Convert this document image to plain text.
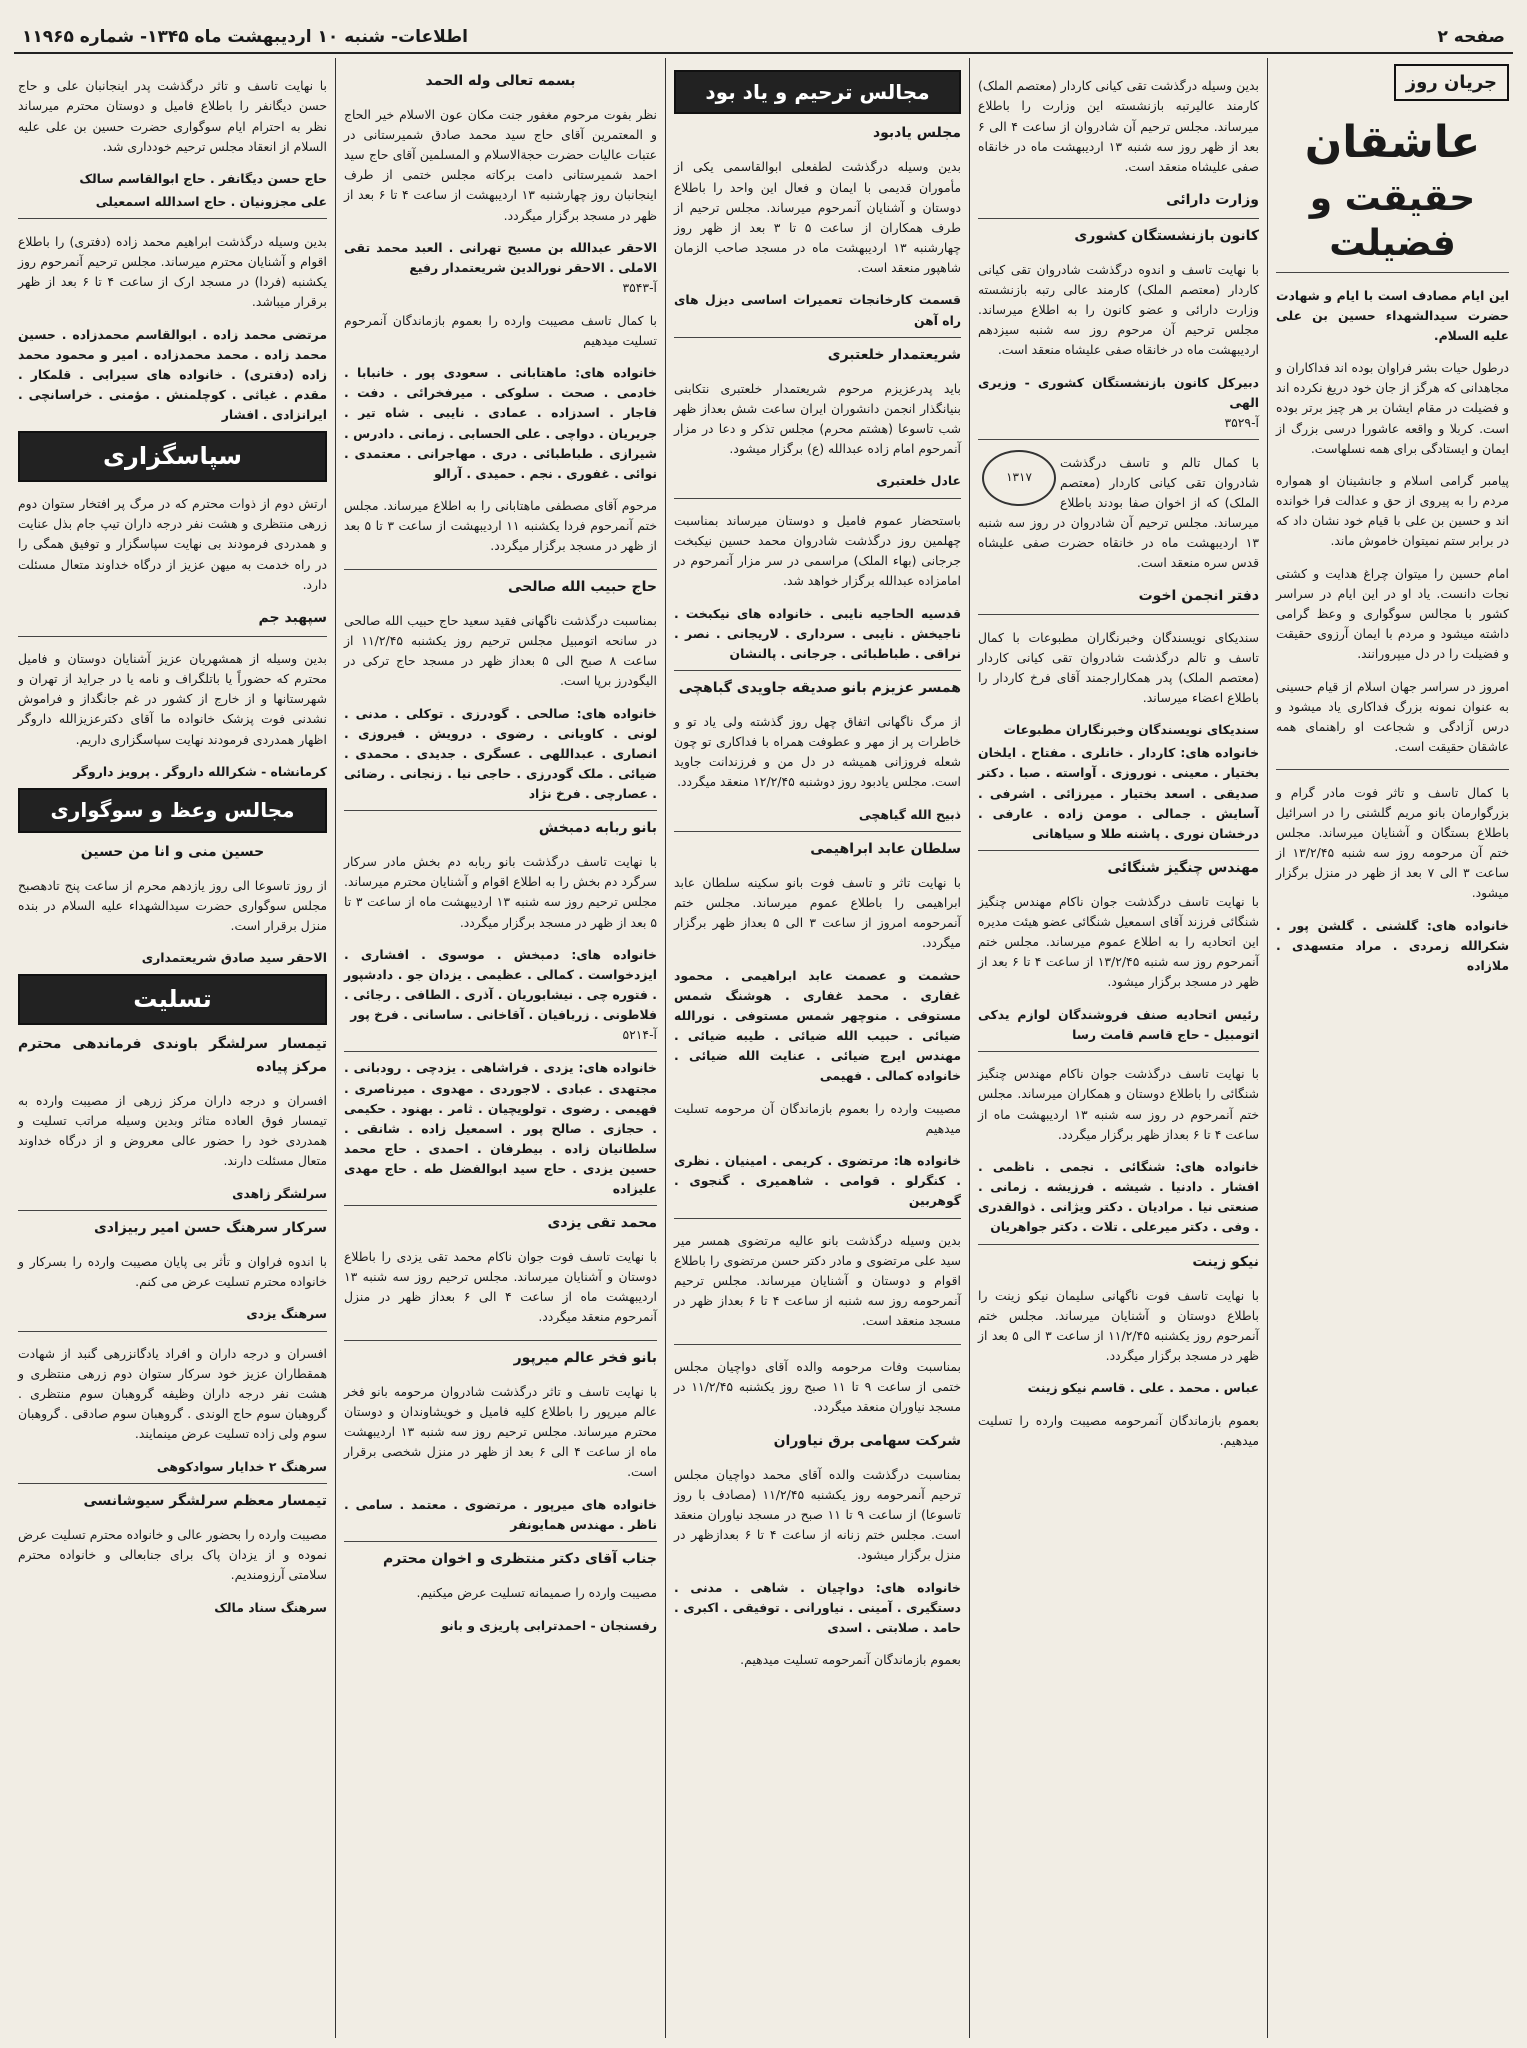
صفحه ۲
اطلاعات- شنبه ۱۰ اردیبهشت ماه ۱۳۴۵- شماره ۱۱۹۶۵
جریان روز
عاشقان
حقیقت و فضیلت

این ایام مصادف است با ایام و شهادت حضرت سیدالشهداء حسین بن علی علیه السلام.

درطول حیات بشر فراوان بوده اند فداکاران و مجاهدانی که هرگز از جان خود دریغ نکرده اند و فضیلت در مقام ایشان بر هر چیز برتر بوده است. کربلا و واقعه عاشورا درسی بزرگ از ایمان و ایستادگی برای همه نسلهاست.

پیامبر گرامی اسلام و جانشینان او همواره مردم را به پیروی از حق و عدالت فرا خوانده اند و حسین بن علی با قیام خود نشان داد که در برابر ستم نمیتوان خاموش ماند.

امام حسین را میتوان چراغ هدایت و کشتی نجات دانست. یاد او در این ایام در سراسر کشور با مجالس سوگواری و وعظ گرامی داشته میشود و مردم با ایمان آرزوی حقیقت و فضیلت را در دل میپرورانند.

امروز در سراسر جهان اسلام از قیام حسینی به عنوان نمونه بزرگ فداکاری یاد میشود و درس آزادگی و شجاعت او راهنمای همه عاشقان حقیقت است.

با کمال تاسف و تاثر فوت مادر گرام و بزرگوارمان بانو مریم گلشنی را در اسرائیل باطلاع بستگان و آشنایان میرساند. مجلس ختم آن مرحومه روز سه شنبه ۱۳/۲/۴۵ از ساعت ۳ الی ۷ بعد از ظهر در منزل برگزار میشود.

خانواده های: گلشنی . گلشن پور . شکرالله زمردی . مراد متسهدی . ملازاده

بدین وسیله درگذشت تقی کیانی کاردار (معتصم الملک) کارمند عالیرتبه بازنشسته این وزارت را باطلاع میرساند. مجلس ترحیم آن شادروان از ساعت ۴ الی ۶ بعد از ظهر روز سه شنبه ۱۳ اردیبهشت ماه در خانقاه صفی علیشاه منعقد است.

وزارت دارائی
کانون بازنشستگان کشوری

با نهایت تاسف و اندوه درگذشت شادروان تقی کیانی کاردار (معتصم الملک) کارمند عالی رتبه بازنشسته وزارت دارائی و عضو کانون را به اطلاع میرساند. مجلس ترحیم آن مرحوم روز سه شنبه سیزدهم اردیبهشت ماه در خانقاه صفی علیشاه منعقد است.

دبیرکل کانون بازنشستگان کشوری - وزیری الهی
آ-۳۵۲۹
۱۳۱۷

با کمال تالم و تاسف درگذشت شادروان تقی کیانی کاردار (معتصم الملک) که از اخوان صفا بودند باطلاع میرساند. مجلس ترحیم آن شادروان در روز سه شنبه ۱۳ اردیبهشت ماه در خانقاه حضرت صفی علیشاه قدس سره منعقد است.

دفتر انجمن اخوت

سندیکای نویسندگان وخبرنگاران مطبوعات با کمال تاسف و تالم درگذشت شادروان تقی کیانی کاردار (معتصم الملک) پدر همکارارجمند آقای فرخ کاردار را باطلاع اعضاء میرساند.

سندیکای نویسندگان وخبرنگاران مطبوعات
خانواده های: کاردار . خانلری . مفتاح . ایلخان بختیار . معینی . نوروزی . آواسته . صبا . دکتر صدیقی . اسعد بختیار . میرزائی . اشرفی . آسایش . جمالی . مومن زاده . عارفی . درخشان نوری . پاشنه طلا و سیاهانی
مهندس چنگیز شنگائی

با نهایت تاسف درگذشت جوان ناکام مهندس چنگیز شنگائی فرزند آقای اسمعیل شنگائی عضو هیئت مدیره این اتحادیه را به اطلاع عموم میرساند. مجلس ختم آنمرحوم روز سه شنبه ۱۳/۲/۴۵ از ساعت ۴ تا ۶ بعد از ظهر در مسجد برگزار میشود.

رئیس اتحادیه صنف فروشندگان لوازم یدکی اتومبیل - حاج قاسم قامت رسا

با نهایت تاسف درگذشت جوان ناکام مهندس چنگیز شنگائی را باطلاع دوستان و همکاران میرساند. مجلس ختم آنمرحوم در روز سه شنبه ۱۳ اردیبهشت ماه از ساعت ۴ تا ۶ بعداز ظهر برگزار میگردد.

خانواده های: شنگائی . نجمی . ناظمی . افشار . دادنیا . شیشه . فرزیشه . زمانی . صنعتی نیا . مرادیان . دکتر ویژانی . ذوالقدری . وفی . دکتر میرعلی . تلات . دکتر جواهریان
نیکو زینت

با نهایت تاسف فوت ناگهانی سلیمان نیکو زینت را باطلاع دوستان و آشنایان میرساند. مجلس ختم آنمرحوم روز یکشنبه ۱۱/۲/۴۵ از ساعت ۳ الی ۵ بعد از ظهر در مسجد برگزار میگردد.

عباس . محمد . علی . قاسم نیکو زینت

بعموم بازماندگان آنمرحومه مصیبت وارده را تسلیت میدهیم.

مجالس ترحیم و یاد بود
مجلس یادبود

بدین وسیله درگذشت لطفعلی ابوالقاسمی یکی از مأموران قدیمی با ایمان و فعال این واحد را باطلاع دوستان و آشنایان آنمرحوم میرساند. مجلس ترحیم از طرف همکاران از ساعت ۵ تا ۳ بعد از ظهر روز چهارشنبه ۱۳ اردیبهشت ماه در مسجد صاحب الزمان شاهپور منعقد است.

قسمت کارخانجات تعمیرات اساسی دیزل های راه آهن
شریعتمدار خلعتبری

باید پدرعزیزم مرحوم شریعتمدار خلعتبری نتکابنی بنیانگذار انجمن دانشوران ایران ساعت شش بعداز ظهر شب تاسوعا (هشتم محرم) مجلس تذکر و دعا در مزار آنمرحوم امام زاده عبدالله (ع) برگزار میشود.

عادل خلعتبری

باستحضار عموم فامیل و دوستان میرساند بمناسبت چهلمین روز درگذشت شادروان محمد حسین نیکبخت جرجانی (بهاء الملک) مراسمی در سر مزار آنمرحوم در امامزاده عبدالله برگزار خواهد شد.

قدسیه الحاجیه نایبی . خانواده های نیکبخت . ناجیخش . نایبی . سرداری . لاریجانی . نصر . نراقی . طباطبائی . جرجانی . پالنشان
همسر عزیزم بانو صدیقه جاویدی گباهچی

از مرگ ناگهانی اتفاق چهل روز گذشته ولی یاد تو و خاطرات پر از مهر و عطوفت همراه با فداکاری تو چون شعله فروزانی همیشه در دل من و فرزندانت جاوید است. مجلس یادبود روز دوشنبه ۱۲/۲/۴۵ منعقد میگردد.

ذبیح الله گیاهچی
سلطان عابد ابراهیمی

با نهایت تاثر و تاسف فوت بانو سکینه سلطان عابد ابراهیمی را باطلاع عموم میرساند. مجلس ختم آنمرحومه امروز از ساعت ۳ الی ۵ بعداز ظهر برگزار میگردد.

حشمت و عصمت عابد ابراهیمی . محمود غفاری . محمد غفاری . هوشنگ شمس مستوفی . منوچهر شمس مستوفی . نورالله ضیائی . حبیب الله ضیائی . طیبه ضیائی . مهندس ایرج ضیائی . عنایت الله ضیائی . خانواده کمالی . فهیمی

مصیبت وارده را بعموم بازماندگان آن مرحومه تسلیت میدهیم

خانواده ها: مرتضوی . کریمی . امینیان . نظری . کنگرلو . قوامی . شاهمیری . گنجوی . گوهربین

بدین وسیله درگذشت بانو عالیه مرتضوی همسر میر سید علی مرتضوی و مادر دکتر حسن مرتضوی را باطلاع اقوام و دوستان و آشنایان میرساند. مجلس ترحیم آنمرحومه روز سه شنبه از ساعت ۴ تا ۶ بعداز ظهر در مسجد منعقد است.

بمناسبت وفات مرحومه والده آقای دواچیان مجلس ختمی از ساعت ۹ تا ۱۱ صبح روز یکشنبه ۱۱/۲/۴۵ در مسجد نیاوران منعقد میگردد.

شرکت سهامی برق نیاوران

بمناسبت درگذشت والده آقای محمد دواچیان مجلس ترحیم آنمرحومه روز یکشنبه ۱۱/۲/۴۵ (مصادف با روز تاسوعا) از ساعت ۹ تا ۱۱ صبح در مسجد نیاوران منعقد است. مجلس ختم زنانه از ساعت ۴ تا ۶ بعدازظهر در منزل برگزار میشود.

خانواده های: دواچیان . شاهی . مدنی . دستگیری . آمینی . نیاورانی . توفیقی . اکبری . حامد . صلابتی . اسدی

بعموم بازماندگان آنمرحومه تسلیت میدهیم.

بسمه تعالی وله الحمد

نظر بفوت مرحوم مغفور جنت مکان عون الاسلام خیر الحاج و المعتمرین آقای حاج سید محمد صادق شمیرستانی در عتبات عالیات حضرت حجةالاسلام و المسلمین آقای حاج سید احمد شمیرستانی دامت برکاته مجلس ختمی از طرف اینجانبان روز چهارشنبه ۱۳ اردیبهشت از ساعت ۴ تا ۶ بعد از ظهر در مسجد برگزار میگردد.

الاحقر عبدالله بن مسیح تهرانی . العبد محمد تقی الاملی . الاحقر نورالدین شریعتمدار رفیع
آ-۳۵۴۳

با کمال تاسف مصیبت وارده را بعموم بازماندگان آنمرحوم تسلیت میدهیم

خانواده های: ماهتابانی . سعودی پور . خانبابا . خادمی . صحت . سلوکی . میرفخرائی . دفت . فاجار . اسدزاده . عمادی . نایبی . شاه تیر . جریریان . دواچی . علی الحسابی . زمانی . دادرس . شیرازی . طباطبائی . دری . مهاجرانی . معتمدی . نوائی . غفوری . نجم . حمیدی . آرالو

مرحوم آقای مصطفی ماهتابانی را به اطلاع میرساند. مجلس ختم آنمرحوم فردا یکشنبه ۱۱ اردیبهشت از ساعت ۳ تا ۵ بعد از ظهر در مسجد برگزار میگردد.

حاج حبیب الله صالحی

بمناسبت درگذشت ناگهانی فقید سعید حاج حبیب الله صالحی در سانحه اتومبیل مجلس ترحیم روز یکشنبه ۱۱/۲/۴۵ از ساعت ۸ صبح الی ۵ بعداز ظهر در مسجد حاج ترکی در الیگودرز برپا است.

خانواده های: صالحی . گودرزی . توکلی . مدنی . لونی . کاویانی . رضوی . درویش . فیروزی . انصاری . عبداللهی . عسگری . جدیدی . محمدی . ضیائی . ملک گودرزی . حاجی نیا . زنجانی . رضائی . عصارچی . فرخ نژاد
بانو ربابه دمبخش

با نهایت تاسف درگذشت بانو ربابه دم بخش مادر سرکار سرگرد دم بخش را به اطلاع اقوام و آشنایان محترم میرساند. مجلس ترحیم روز سه شنبه ۱۳ اردیبهشت ماه از ساعت ۳ تا ۵ بعد از ظهر در مسجد برگزار میگردد.

خانواده های: دمبخش . موسوی . افشاری . ایزدخواست . کمالی . عظیمی . یزدان جو . دادشپور . فتوره چی . نیشابوریان . آذری . الطافی . رجائی . فلاطونی . زربافیان . آقاخانی . ساسانی . فرخ پور
آ-۵۲۱۴
خانواده های: یزدی . فراشاهی . یزدچی . رودبانی . مجتهدی . عبادی . لاجوردی . مهدوی . میرناصری . فهیمی . رضوی . تولویچیان . ثامر . بهنود . حکیمی . حجازی . صالح پور . اسمعیل زاده . شانقی . سلطانیان زاده . بیطرفان . احمدی . حاج محمد حسین یزدی . حاج سید ابوالفضل طه . حاج مهدی علیزاده
محمد تقی یزدی

با نهایت تاسف فوت جوان ناکام محمد تقی یزدی را باطلاع دوستان و آشنایان میرساند. مجلس ترحیم روز سه شنبه ۱۳ اردیبهشت ماه از ساعت ۴ الی ۶ بعداز ظهر در منزل آنمرحوم منعقد میگردد.

بانو فخر عالم میرپور

با نهایت تاسف و تاثر درگذشت شادروان مرحومه بانو فخر عالم میرپور را باطلاع کلیه فامیل و خویشاوندان و دوستان محترم میرساند. مجلس ترحیم روز سه شنبه ۱۳ اردیبهشت ماه از ساعت ۴ الی ۶ بعد از ظهر در منزل شخصی برقرار است.

خانواده های میرپور . مرتضوی . معتمد . سامی . ناظر . مهندس همایونفر
جناب آقای دکتر منتظری و اخوان محترم

مصیبت وارده را صمیمانه تسلیت عرض میکنیم.

رفسنجان - احمدترابی پاریزی و بانو

با نهایت تاسف و تاثر درگذشت پدر اینجانبان علی و حاج حسن دیگانفر را باطلاع فامیل و دوستان محترم میرساند نظر به احترام ایام سوگواری حضرت حسین بن علی علیه السلام از انعقاد مجلس ترحیم خودداری شد.

حاج حسن دیگانفر . حاج ابوالقاسم سالک
علی مجزونیان . حاج اسدالله اسمعیلی

بدین وسیله درگذشت ابراهیم محمد زاده (دفتری) را باطلاع اقوام و آشنایان محترم میرساند. مجلس ترحیم آنمرحوم روز یکشنبه (فردا) در مسجد ارک از ساعت ۴ تا ۶ بعد از ظهر برقرار میباشد.

مرتضی محمد زاده . ابوالقاسم محمدزاده . حسین محمد زاده . محمد محمدزاده . امیر و محمود محمد زاده (دفتری) . خانواده های سیرابی . قلمکار . مقدم . غیاثی . کوچلمنش . مؤمنی . خراسانچی . ایرانزادی . افشار
سپاسگزاری

ارتش دوم از ذوات محترم که در مرگ پر افتخار ستوان دوم زرهی منتظری و هشت نفر درجه داران تیپ جام بذل عنایت و همدردی فرمودند بی نهایت سپاسگزار و توفیق همگی را در راه خدمت به میهن عزیز از درگاه خداوند متعال مسئلت دارد.

سپهبد جم

بدین وسیله از همشهریان عزیز آشنایان دوستان و فامیل محترم که حضوراً یا باتلگراف و نامه یا در جراید از تهران و شهرستانها و از خارج از کشور در غم جانگداز و فراموش نشدنی فوت پزشک خانواده ما آقای دکترعزیزالله داروگر اظهار همدردی فرمودند نهایت سپاسگزاری داریم.

کرمانشاه - شکرالله داروگر . پرویز داروگر
مجالس وعظ و سوگواری
حسین منی و انا من حسین

از روز تاسوعا الی روز یازدهم محرم از ساعت پنج تادهصبح مجلس سوگواری حضرت سیدالشهداء علیه السلام در بنده منزل برقرار است.

الاحقر سید صادق شریعتمداری
تسلیت
تیمسار سرلشگر باوندی فرماندهی محترم مرکز پیاده

افسران و درجه داران مرکز زرهی از مصیبت وارده به تیمسار فوق العاده متاثر وبدین وسیله مراتب تسلیت و همدردی خود را حضور عالی معروض و از درگاه خداوند متعال مسئلت دارند.

سرلشگر زاهدی
سرکار سرهنگ حسن امیر ربیزادی

با اندوه فراوان و تأثر بی پایان مصیبت وارده را بسرکار و خانواده محترم تسلیت عرض می کنم.

سرهنگ یزدی

افسران و درجه داران و افراد یادگانزرهی گنبد از شهادت همقطاران عزیز خود سرکار ستوان دوم زرهی منتظری و هشت نفر درجه داران وظیفه گروهبان سوم منتظری . گروهبان سوم حاج الوندی . گروهبان سوم صادقی . گروهبان سوم ولی زاده تسلیت عرض مینمایند.

سرهنگ ۲ خدایار سوادکوهی
تیمسار معظم سرلشگر سیوشانسی

مصیبت وارده را بحضور عالی و خانواده محترم تسلیت عرض نموده و از یزدان پاک برای جنابعالی و خانواده محترم سلامتی آرزومندیم.

سرهنگ سناد مالک
